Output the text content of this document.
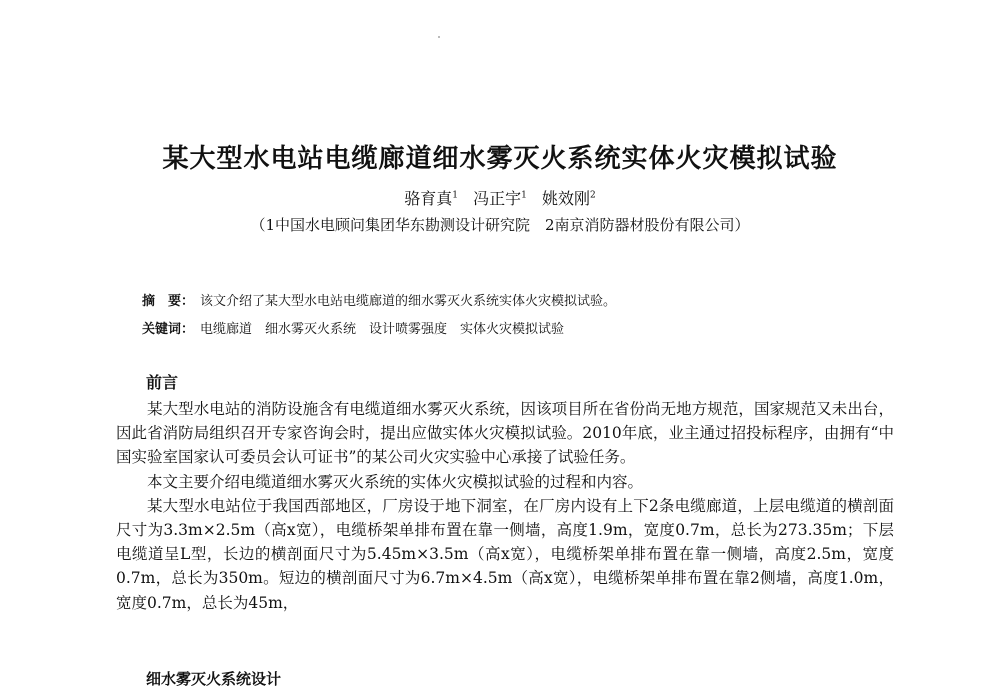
某大型水电站电缆廊道细水雾灭火系统实体火灾模拟试验
骆育真$^1$ 冯正宇$^1$ 姚效刚$^2$
（1中国水电顾问集团华东勘测设计研究院　2南京消防器材股份有限公司）
摘　要： 该文介绍了某大型水电站电缆廊道的细水雾灭火系统实体火灾模拟试验。
关键词： 电缆廊道　细水雾灭火系统　设计喷雾强度　实体火灾模拟试验
前言

某大型水电站的消防设施含有电缆道细水雾灭火系统，因该项目所在省份尚无地方规范，国家规范又未出台，因此省消防局组织召开专家咨询会时，提出应做实体火灾模拟试验。2010年底，业主通过招投标程序，由拥有“中国实验室国家认可委员会认可证书”的某公司火灾实验中心承接了试验任务。

本文主要介绍电缆道细水雾灭火系统的实体火灾模拟试验的过程和内容。

某大型水电站位于我国西部地区，厂房设于地下洞室，在厂房内设有上下2条电缆廊道，上层电缆道的横剖面尺寸为3.3m×2.5m（高x宽），电缆桥架单排布置在靠一侧墙，高度1.9m，宽度0.7m，总长为273.35m；下层电缆道呈L型，长边的横剖面尺寸为5.45m×3.5m（高x宽），电缆桥架单排布置在靠一侧墙，高度2.5m，宽度0.7m，总长为350m。短边的横剖面尺寸为6.7m×4.5m（高x宽），电缆桥架单排布置在靠2侧墙，高度1.0m，宽度0.7m，总长为45m，

细水雾灭火系统设计
